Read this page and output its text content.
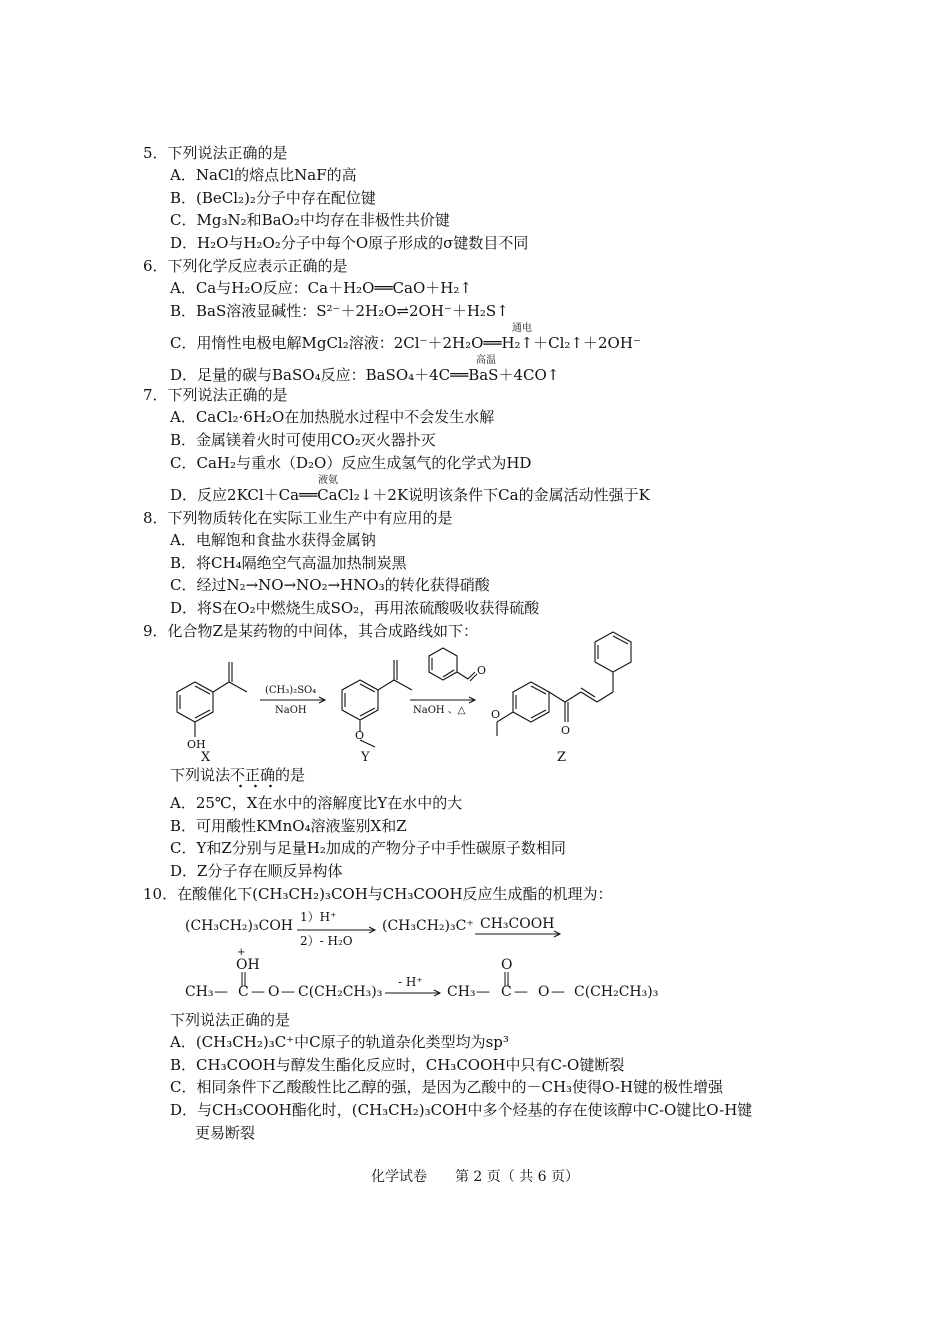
5．下列说法正确的是
A．NaCl的熔点比NaF的高
B．(BeCl₂)₂分子中存在配位键
C．Mg₃N₂和BaO₂中均存在非极性共价键
D．H₂O与H₂O₂分子中每个O原子形成的σ键数目不同
6．下列化学反应表示正确的是
A．Ca与H₂O反应：Ca＋H₂O══CaO＋H₂↑
B．BaS溶液显碱性：S²⁻＋2H₂O⇌2OH⁻＋H₂S↑
通电
C．用惰性电极电解MgCl₂溶液：2Cl⁻＋2H₂O══H₂↑＋Cl₂↑＋2OH⁻
高温
D．足量的碳与BaSO₄反应：BaSO₄＋4C══BaS＋4CO↑
7．下列说法正确的是
A．CaCl₂·6H₂O在加热脱水过程中不会发生水解
B．金属镁着火时可使用CO₂灭火器扑灭
C．CaH₂与重水（D₂O）反应生成氢气的化学式为HD
液氨
D．反应2KCl＋Ca══CaCl₂↓＋2K说明该条件下Ca的金属活动性强于K
8．下列物质转化在实际工业生产中有应用的是
A．电解饱和食盐水获得金属钠
B．将CH₄隔绝空气高温加热制炭黑
C．经过N₂→NO→NO₂→HNO₃的转化获得硝酸
D．将S在O₂中燃烧生成SO₂，再用浓硫酸吸收获得硫酸
9．化合物Z是某药物的中间体，其合成路线如下：
OH
(CH₃)₂SO₄
NaOH
O
O
NaOH 、△
O
O
X	Y	Z
下列说法不正确的是
A．25℃，X在水中的溶解度比Y在水中的大
B．可用酸性KMnO₄溶液鉴别X和Z
C．Y和Z分别与足量H₂加成的产物分子中手性碳原子数相同
D．Z分子存在顺反异构体
10．在酸催化下(CH₃CH₂)₃COH与CH₃COOH反应生成酯的机理为：
(CH₃CH₂)₃COH
1）H⁺
2）- H₂O
(CH₃CH₂)₃C⁺ CH₃COOH
+
OH
CH₃ — C — O — C(CH₂CH₃)₃
- H⁺
O
CH₃ — C — O — C(CH₂CH₃)₃
下列说法正确的是
A．(CH₃CH₂)₃C⁺中C原子的轨道杂化类型均为sp³
B．CH₃COOH与醇发生酯化反应时，CH₃COOH中只有C-O键断裂
C．相同条件下乙酸酸性比乙醇的强，是因为乙酸中的－CH₃使得O-H键的极性增强
D．与CH₃COOH酯化时，(CH₃CH₂)₃COH中多个烃基的存在使该醇中C-O键比O-H键
更易断裂
化学试卷　　第 2 页（ 共 6 页）
